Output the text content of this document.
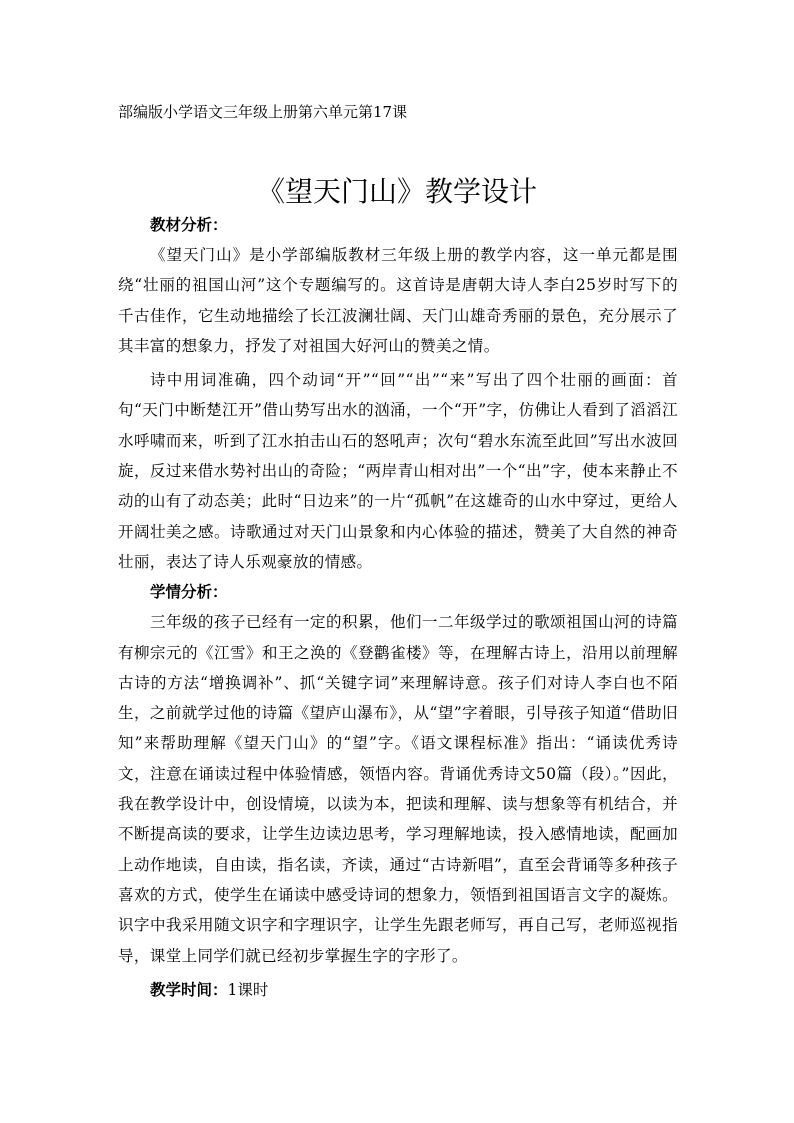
部编版小学语文三年级上册第六单元第17课
《望天门山》教学设计

教材分析：

《望天门山》是小学部编版教材三年级上册的教学内容，这一单元都是围绕“壮丽的祖国山河”这个专题编写的。这首诗是唐朝大诗人李白25岁时写下的千古佳作，它生动地描绘了长江波澜壮阔、天门山雄奇秀丽的景色，充分展示了其丰富的想象力，抒发了对祖国大好河山的赞美之情。

诗中用词准确，四个动词“开”“回”“出”“来”写出了四个壮丽的画面：首句“天门中断楚江开”借山势写出水的汹涌，一个“开”字，仿佛让人看到了滔滔江水呼啸而来，听到了江水拍击山石的怒吼声；次句“碧水东流至此回”写出水波回旋，反过来借水势衬出山的奇险；“两岸青山相对出”一个“出”字，使本来静止不动的山有了动态美；此时“日边来”的一片“孤帆”在这雄奇的山水中穿过，更给人开阔壮美之感。诗歌通过对天门山景象和内心体验的描述，赞美了大自然的神奇壮丽，表达了诗人乐观豪放的情感。

学情分析：

三年级的孩子已经有一定的积累，他们一二年级学过的歌颂祖国山河的诗篇有柳宗元的《江雪》和王之涣的《登鹳雀楼》等，在理解古诗上，沿用以前理解古诗的方法“增换调补”、抓“关键字词”来理解诗意。孩子们对诗人李白也不陌生，之前就学过他的诗篇《望庐山瀑布》，从“望”字着眼，引导孩子知道“借助旧知”来帮助理解《望天门山》的“望”字。《语文课程标准》指出：“诵读优秀诗文，注意在诵读过程中体验情感，领悟内容。背诵优秀诗文50篇（段）。”因此，我在教学设计中，创设情境，以读为本，把读和理解、读与想象等有机结合，并不断提高读的要求，让学生边读边思考，学习理解地读，投入感情地读，配画加上动作地读，自由读，指名读，齐读，通过“古诗新唱”，直至会背诵等多种孩子喜欢的方式，使学生在诵读中感受诗词的想象力，领悟到祖国语言文字的凝炼。识字中我采用随文识字和字理识字，让学生先跟老师写，再自己写，老师巡视指导，课堂上同学们就已经初步掌握生字的字形了。

教学时间：1课时
